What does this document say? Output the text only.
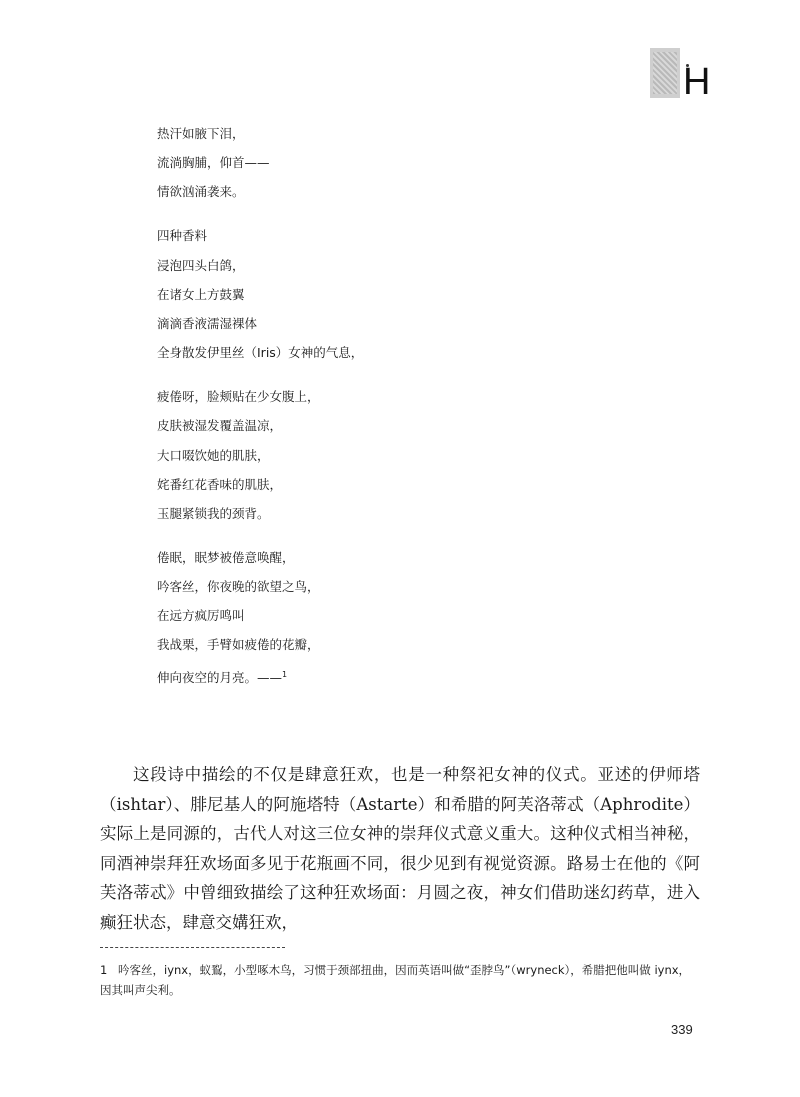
H
热汗如腋下泪，
流淌胸脯，仰首——
情欲汹涌袭来。
四种香料
浸泡四头白鸽，
在诸女上方鼓翼
滴滴香液濡湿裸体
全身散发伊里丝（Iris）女神的气息，
疲倦呀，脸颊贴在少女腹上，
皮肤被湿发覆盖温凉，
大口啜饮她的肌肤，
姹番红花香味的肌肤，
玉腿紧锁我的颈背。
倦眠，眠梦被倦意唤醒，
吟客丝，你夜晚的欲望之鸟，
在远方疯厉鸣叫
我战栗，手臂如疲倦的花瓣，
伸向夜空的月亮。——$^1$

这段诗中描绘的不仅是肆意狂欢，也是一种祭祀女神的仪式。亚述的伊师塔（ishtar）、腓尼基人的阿施塔特（Astarte）和希腊的阿芙洛蒂忒（Aphrodite）实际上是同源的，古代人对这三位女神的崇拜仪式意义重大。这种仪式相当神秘，同酒神崇拜狂欢场面多见于花瓶画不同，很少见到有视觉资源。路易士在他的《阿芙洛蒂忒》中曾细致描绘了这种狂欢场面：月圆之夜，神女们借助迷幻药草，进入癫狂状态，肆意交媾狂欢，

1 吟客丝，iynx，蚁鴷，小型啄木鸟，习惯于颈部扭曲，因而英语叫做“歪脖鸟”（wryneck），希腊把他叫做 iynx，因其叫声尖利。
339
